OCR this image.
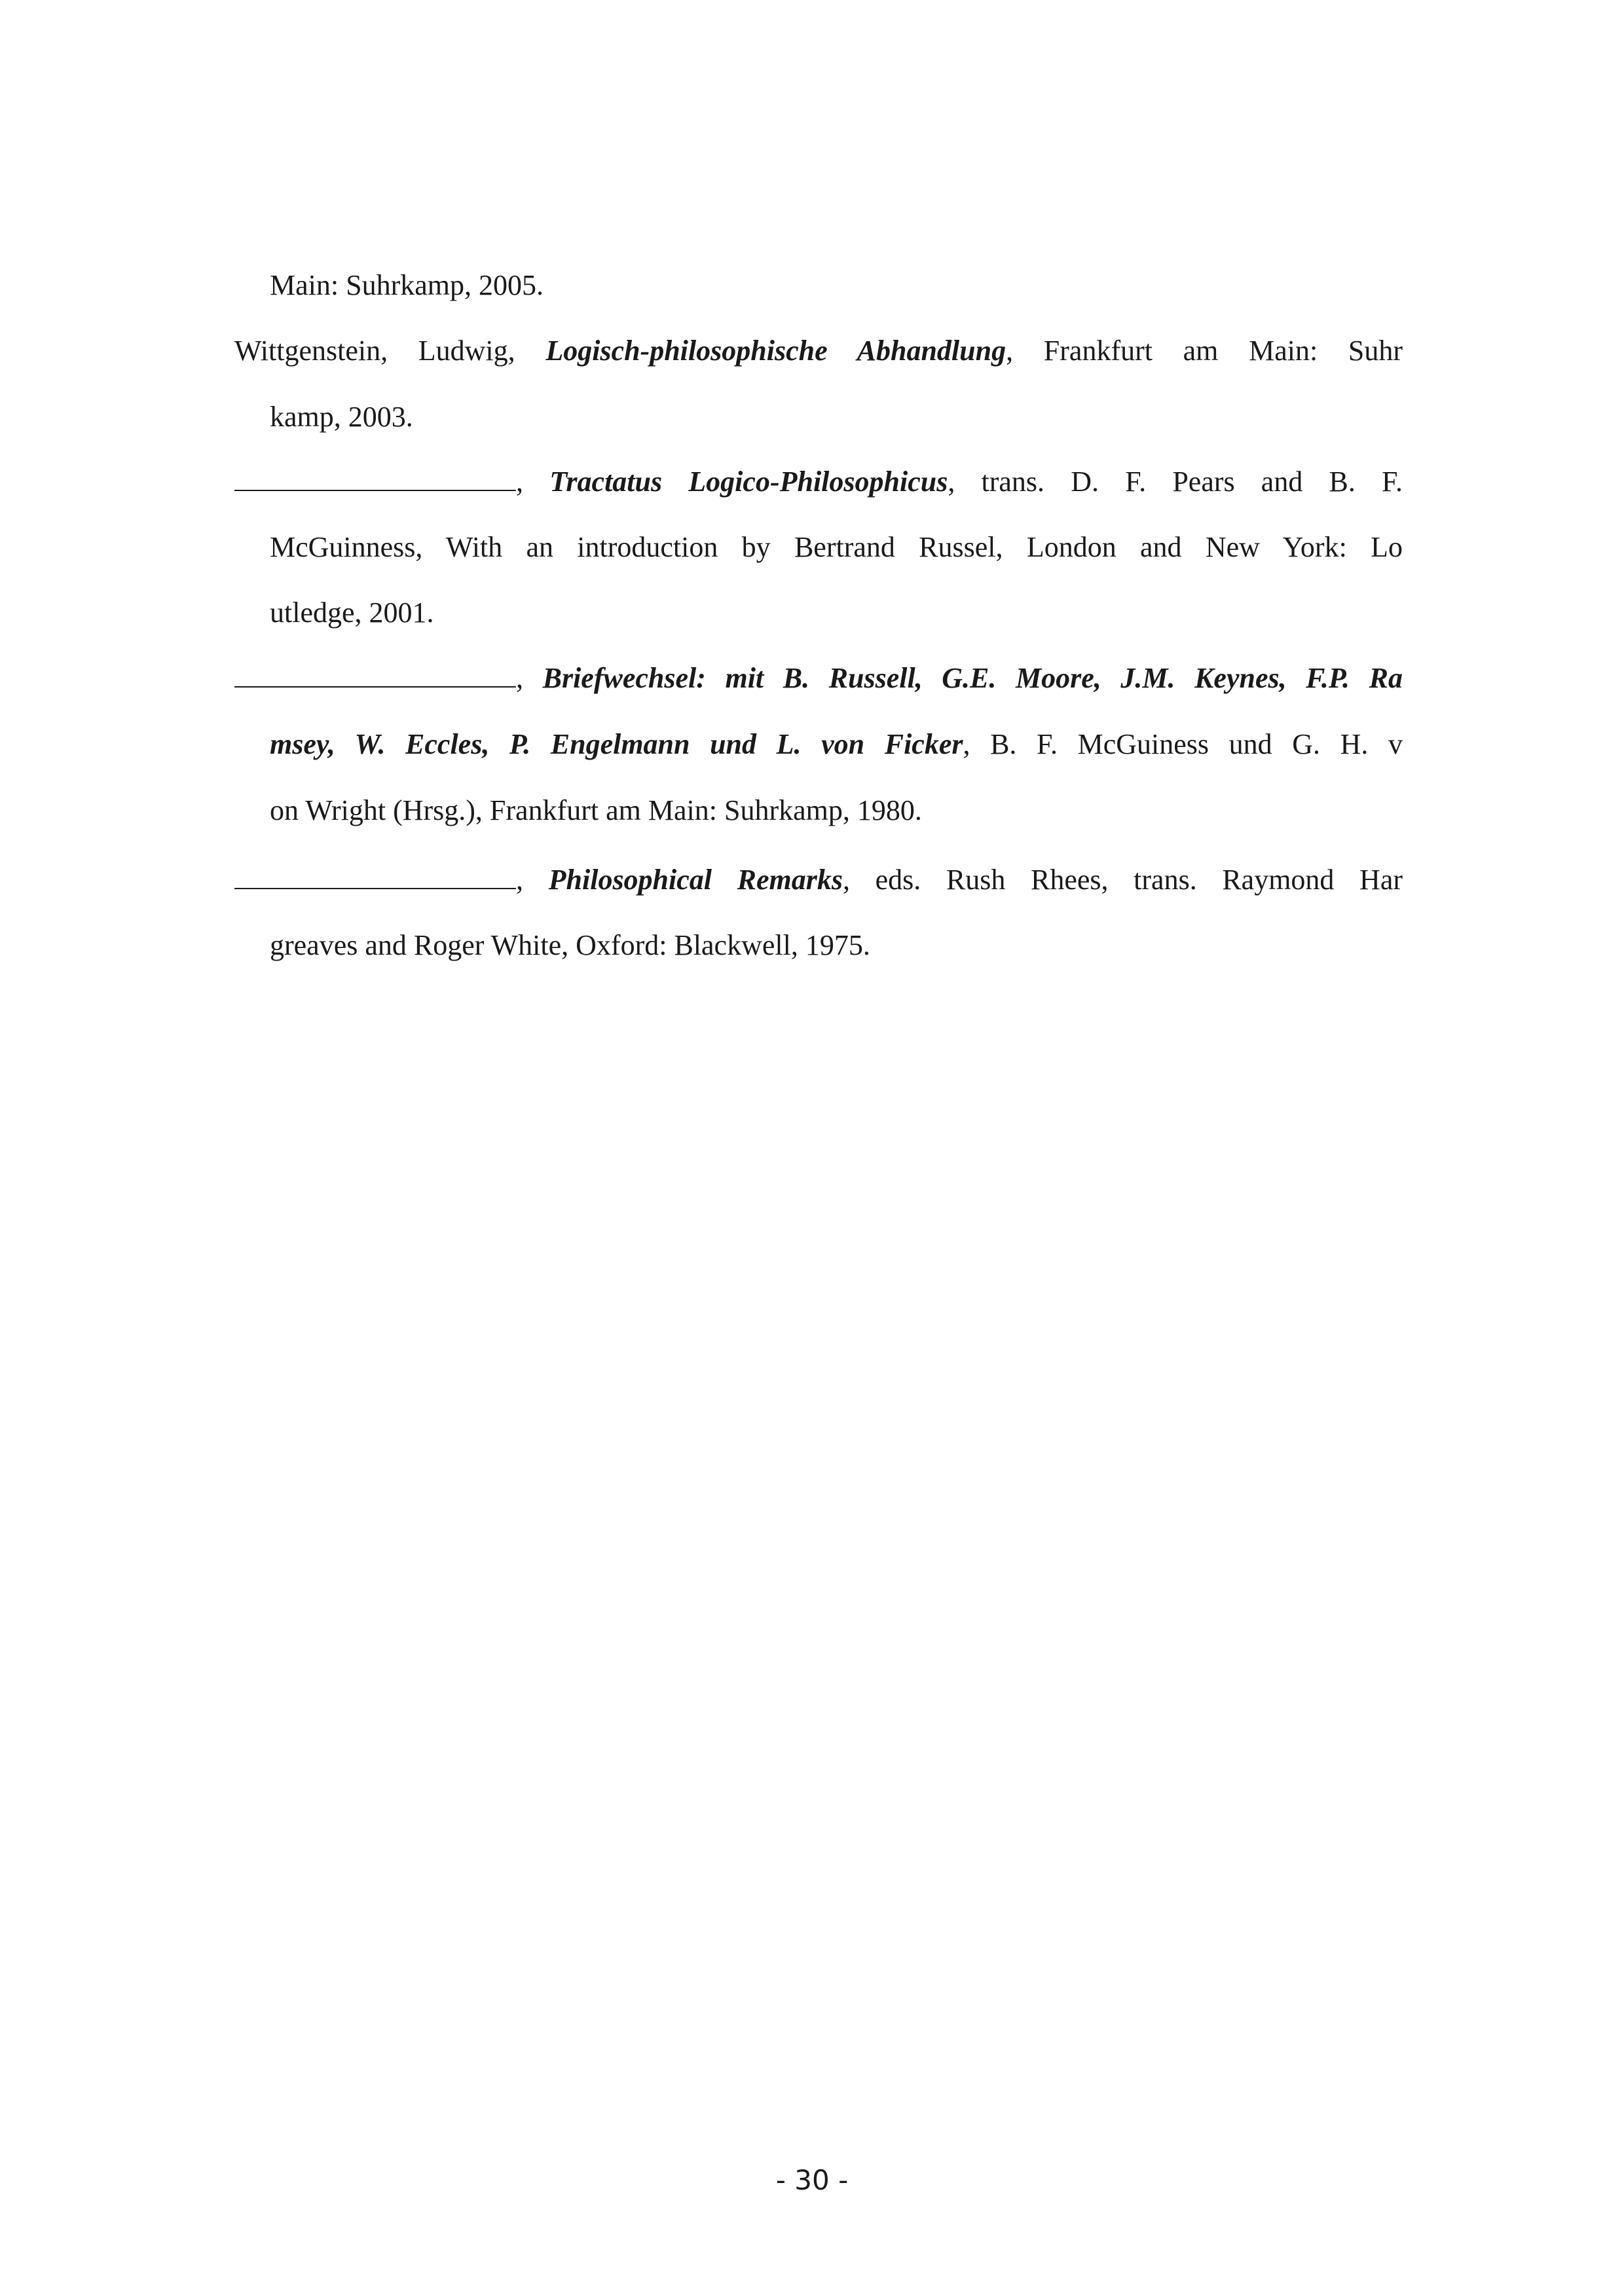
Main: Suhrkamp, 2005.
Wittgenstein, Ludwig, Logisch-philosophische Abhandlung, Frankfurt am Main: Suhr
kamp, 2003.
, Tractatus Logico-Philosophicus, trans. D. F. Pears and B. F.
McGuinness, With an introduction by Bertrand Russel, London and New York: Lo
utledge, 2001.
, Briefwechsel: mit B. Russell, G.E. Moore, J.M. Keynes, F.P. Ra
msey, W. Eccles, P. Engelmann und L. von Ficker, B. F. McGuiness und G. H. v
on Wright (Hrsg.), Frankfurt am Main: Suhrkamp, 1980.
, Philosophical Remarks, eds. Rush Rhees, trans. Raymond Har
greaves and Roger White, Oxford: Blackwell, 1975.
- 30 -
